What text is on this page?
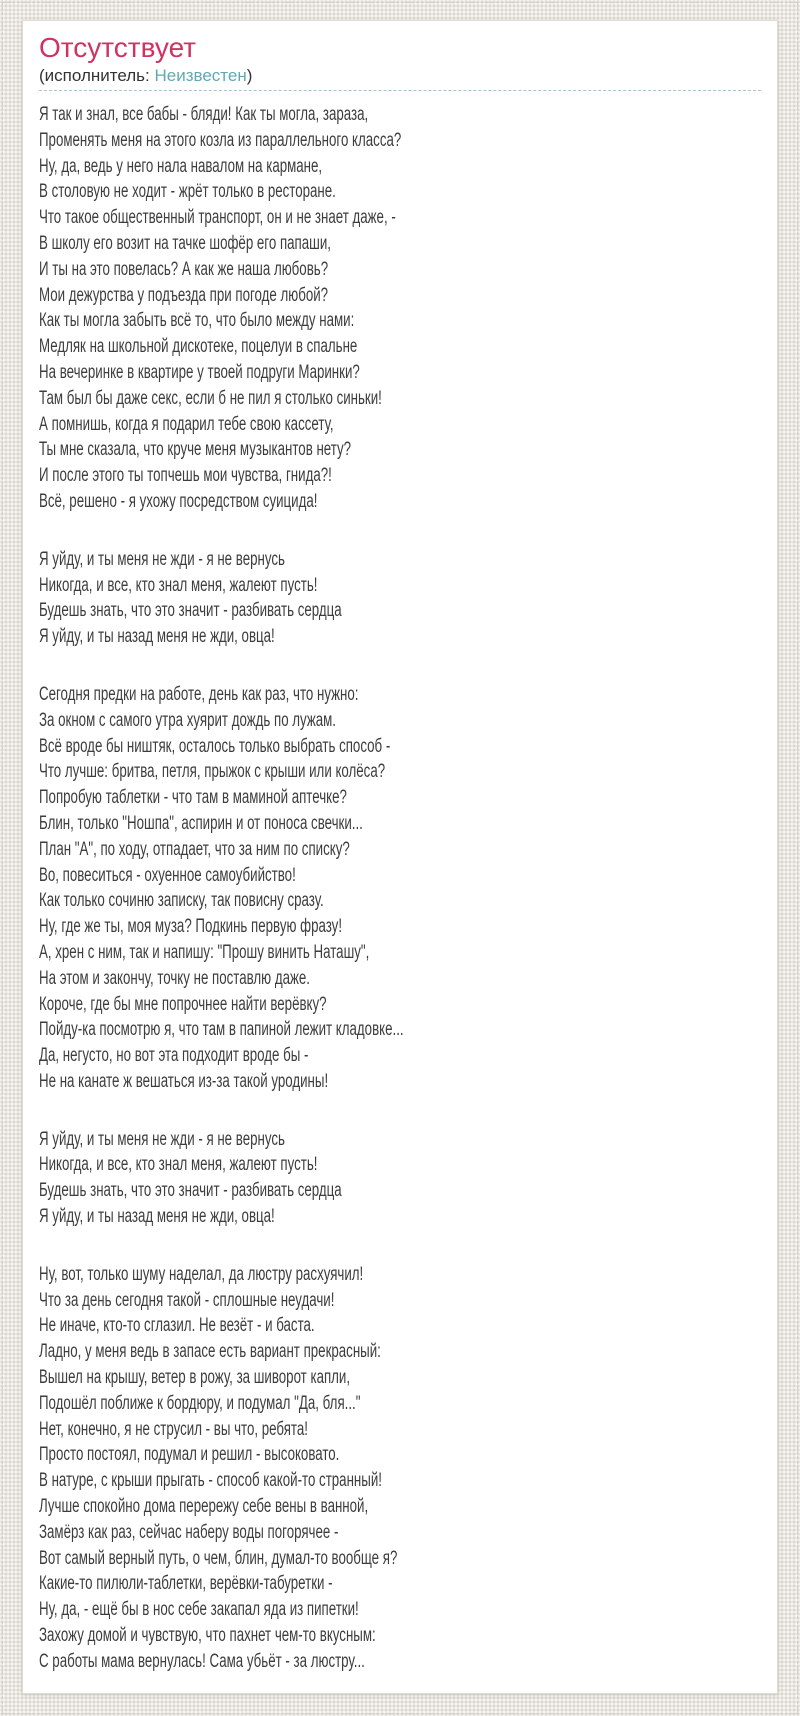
Отсутствует
(исполнитель: Неизвестен)
Я так и знал, все бабы - бляди! Как ты могла, зараза,
Променять меня на этого козла из параллельного класса?
Ну, да, ведь у него нала навалом на кармане,
В столовую не ходит - жрёт только в ресторане.
Что такое общественный транспорт, он и не знает даже, -
В школу его возит на тачке шофёр его папаши,
И ты на это повелась? А как же наша любовь?
Мои дежурства у подъезда при погоде любой?
Как ты могла забыть всё то, что было между нами:
Медляк на школьной дискотеке, поцелуи в спальне
На вечеринке в квартире у твоей подруги Маринки?
Там был бы даже секс, если б не пил я столько синьки!
А помнишь, когда я подарил тебе свою кассету,
Ты мне сказала, что круче меня музыкантов нету?
И после этого ты топчешь мои чувства, гнида?!
Всё, решено - я ухожу посредством суицида!
Я уйду, и ты меня не жди - я не вернусь
Никогда, и все, кто знал меня, жалеют пусть!
Будешь знать, что это значит - разбивать сердца
Я уйду, и ты назад меня не жди, овца!
Сегодня предки на работе, день как раз, что нужно:
За окном с самого утра хуярит дождь по лужам.
Всё вроде бы ништяк, осталось только выбрать способ -
Что лучше: бритва, петля, прыжок с крыши или колёса?
Попробую таблетки - что там в маминой аптечке?
Блин, только "Ношпа", аспирин и от поноса свечки...
План "А", по ходу, отпадает, что за ним по списку?
Во, повеситься - охуенное самоубийство!
Как только сочиню записку, так повисну сразу.
Ну, где же ты, моя муза? Подкинь первую фразу!
А, хрен с ним, так и напишу: "Прошу винить Наташу",
На этом и закончу, точку не поставлю даже.
Короче, где бы мне попрочнее найти верёвку?
Пойду-ка посмотрю я, что там в папиной лежит кладовке...
Да, негусто, но вот эта подходит вроде бы -
Не на канате ж вешаться из-за такой уродины!
Я уйду, и ты меня не жди - я не вернусь
Никогда, и все, кто знал меня, жалеют пусть!
Будешь знать, что это значит - разбивать сердца
Я уйду, и ты назад меня не жди, овца!
Ну, вот, только шуму наделал, да люстру расхуячил!
Что за день сегодня такой - сплошные неудачи!
Не иначе, кто-то сглазил. Не везёт - и баста.
Ладно, у меня ведь в запасе есть вариант прекрасный:
Вышел на крышу, ветер в рожу, за шиворот капли,
Подошёл поближе к бордюру, и подумал "Да, бля..."
Нет, конечно, я не струсил - вы что, ребята!
Просто постоял, подумал и решил - высоковато.
В натуре, с крыши прыгать - способ какой-то странный!
Лучше спокойно дома перережу себе вены в ванной,
Замёрз как раз, сейчас наберу воды погорячее -
Вот самый верный путь, о чем, блин, думал-то вообще я?
Какие-то пилюли-таблетки, верёвки-табуретки -
Ну, да, - ещё бы в нос себе закапал яда из пипетки!
Захожу домой и чувствую, что пахнет чем-то вкусным:
С работы мама вернулась! Сама убьёт - за люстру...
